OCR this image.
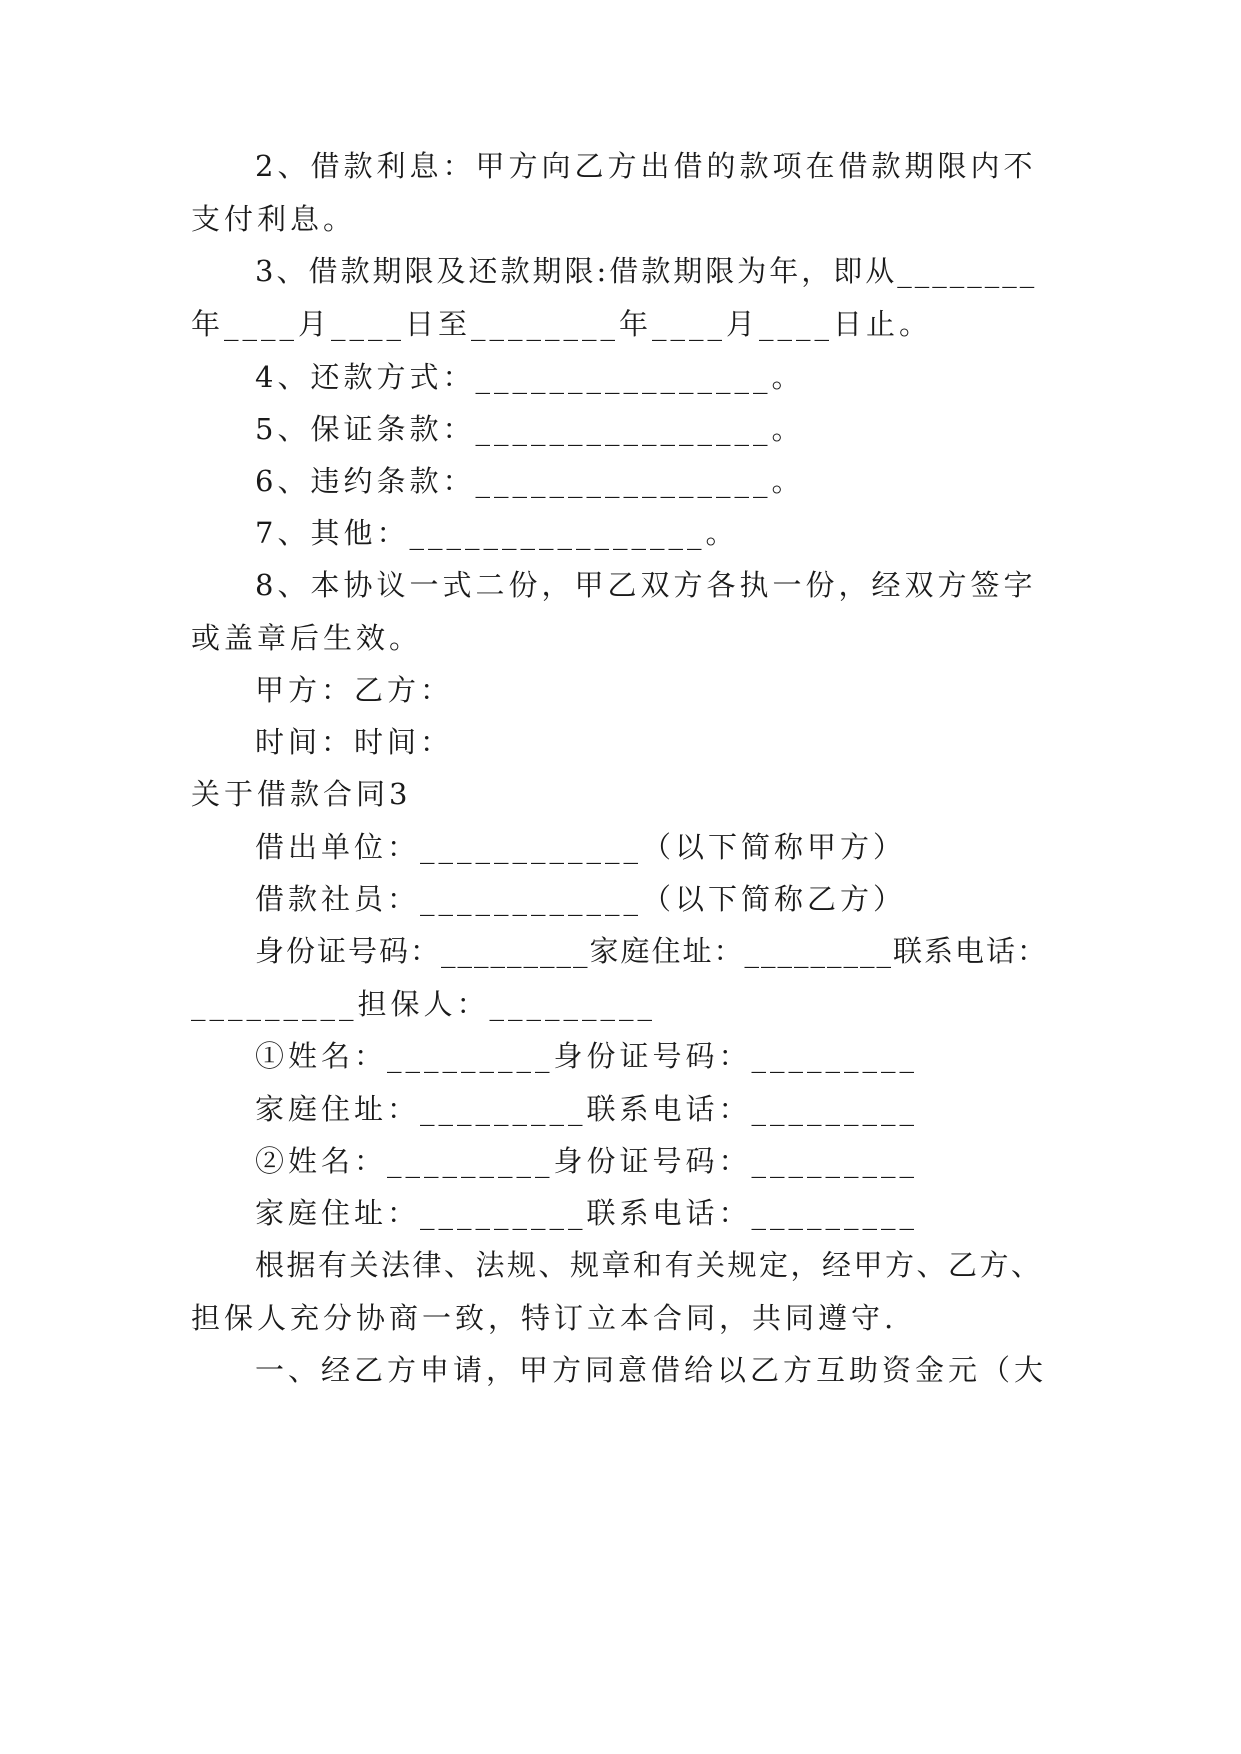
2、借款利息：甲方向乙方出借的款项在借款期限内不
支付利息。
3、借款期限及还款期限:借款期限为年，即从________
年____月____日至________年____月____日止。
4、还款方式：________________。
5、保证条款：________________。
6、违约条款：________________。
7、其他：________________。
8、本协议一式二份，甲乙双方各执一份，经双方签字
或盖章后生效。
甲方：乙方：
时间：时间：
关于借款合同3
借出单位：____________（以下简称甲方）
借款社员：____________（以下简称乙方）
身份证号码：_________家庭住址：_________联系电话：
_________担保人：_________
①姓名：_________身份证号码：_________
家庭住址：_________联系电话：_________
②姓名：_________身份证号码：_________
家庭住址：_________联系电话：_________
根据有关法律、法规、规章和有关规定，经甲方、乙方、
担保人充分协商一致，特订立本合同，共同遵守.
一、经乙方申请，甲方同意借给以乙方互助资金元（大
